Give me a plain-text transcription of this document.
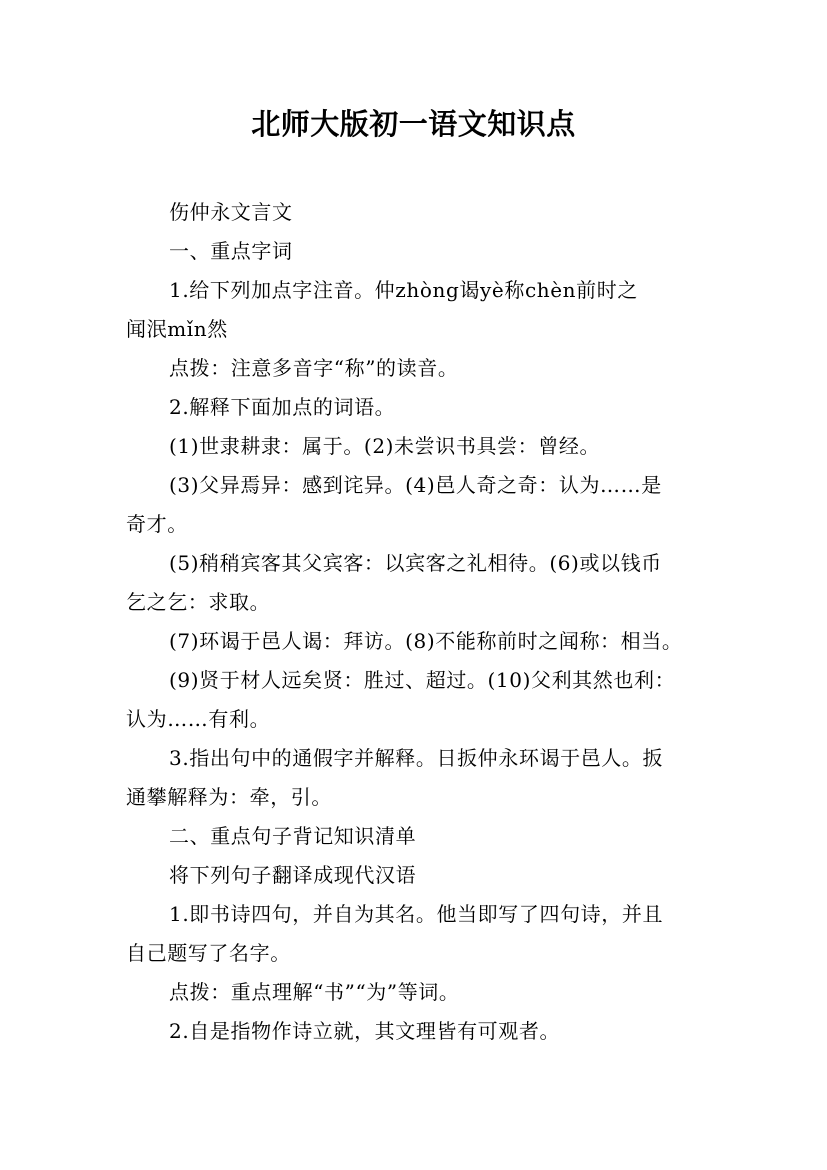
北师大版初一语文知识点
伤仲永文言文
一、重点字词
1.给下列加点字注音。仲zhòng谒yè称chèn前时之
闻泯mǐn然
点拨：注意多音字“称”的读音。
2.解释下面加点的词语。
(1)世隶耕隶：属于。(2)未尝识书具尝：曾经。
(3)父异焉异：感到诧异。(4)邑人奇之奇：认为……是
奇才。
(5)稍稍宾客其父宾客：以宾客之礼相待。(6)或以钱币
乞之乞：求取。
(7)环谒于邑人谒：拜访。(8)不能称前时之闻称：相当。
(9)贤于材人远矣贤：胜过、超过。(10)父利其然也利：
认为……有利。
3.指出句中的通假字并解释。日扳仲永环谒于邑人。扳
通攀解释为：牵，引。
二、重点句子背记知识清单
将下列句子翻译成现代汉语
1.即书诗四句，并自为其名。他当即写了四句诗，并且
自己题写了名字。
点拨：重点理解“书”“为”等词。
2.自是指物作诗立就，其文理皆有可观者。
